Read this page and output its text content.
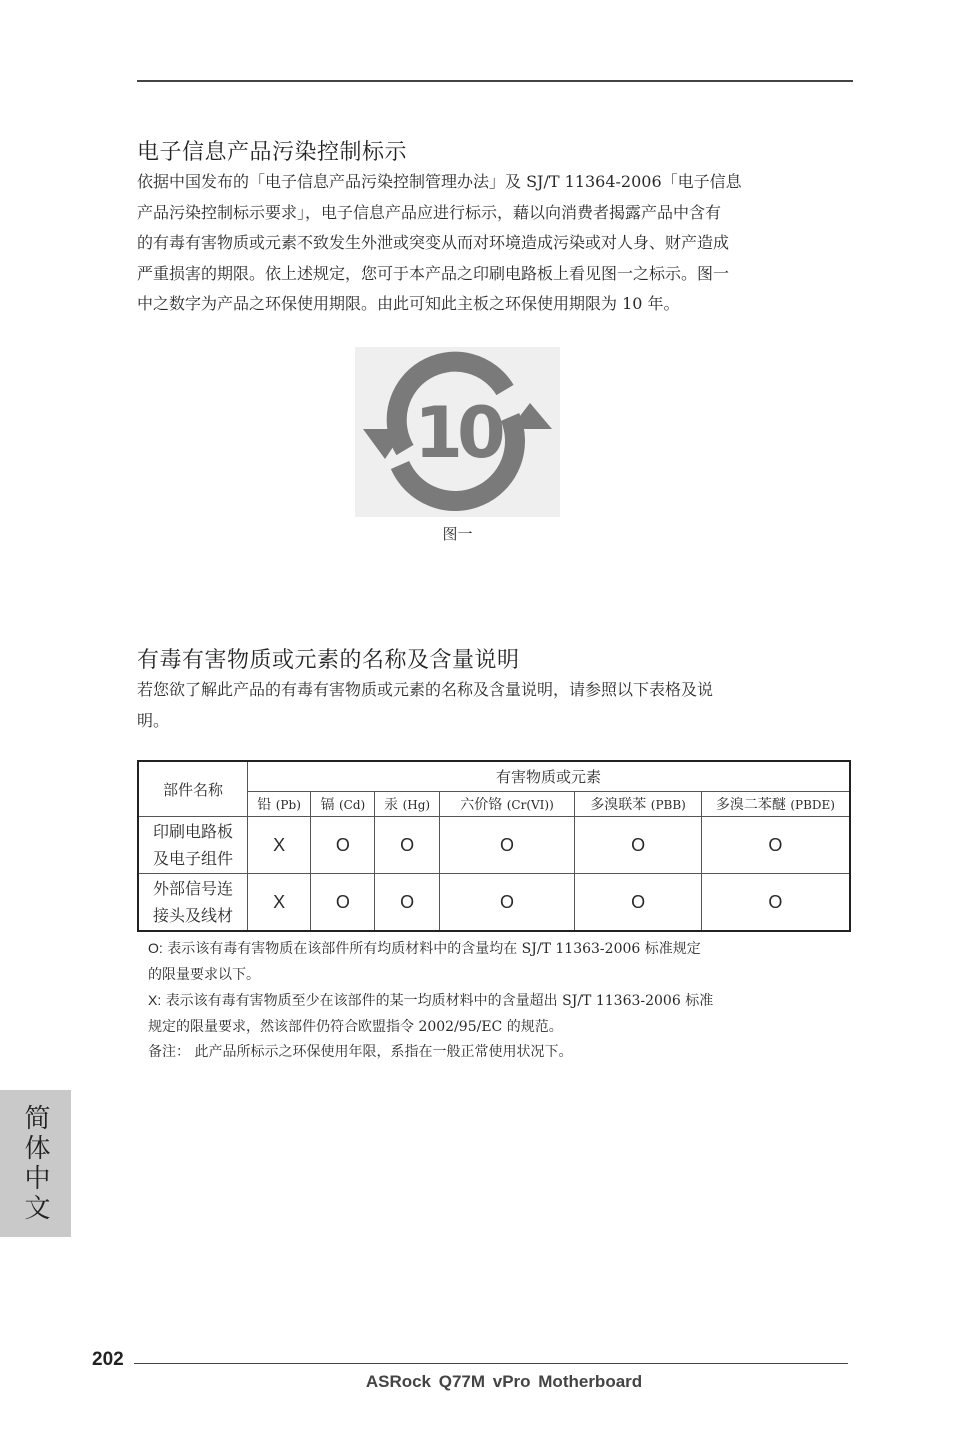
电子信息产品污染控制标示

依据中国发布的「电子信息产品污染控制管理办法」及 SJ/T 11364-2006「电子信息
产品污染控制标示要求」，电子信息产品应进行标示，藉以向消费者揭露产品中含有
的有毒有害物质或元素不致发生外泄或突变从而对环境造成污染或对人身、财产造成
严重损害的期限。依上述规定，您可于本产品之印刷电路板上看见图一之标示。图一
中之数字为产品之环保使用期限。由此可知此主板之环保使用期限为 10 年。

10
图一
有毒有害物质或元素的名称及含量说明

若您欲了解此产品的有毒有害物质或元素的名称及含量说明，请参照以下表格及说
明。

部件名称	有害物质或元素					
	铅 (Pb)	镉 (Cd)	汞 (Hg)	六价铬 (Cr(VI))	多溴联苯 (PBB)	多溴二苯醚 (PBDE)
印刷电路板
及电子组件	X	O	O	O	O	O
外部信号连
接头及线材	X	O	O	O	O	O
O: 表示该有毒有害物质在该部件所有均质材料中的含量均在 SJ/T 11363-2006 标准规定
的限量要求以下。
X: 表示该有毒有害物质至少在该部件的某一均质材料中的含量超出 SJ/T 11363-2006 标准
规定的限量要求，然该部件仍符合欧盟指令 2002/95/EC 的规范。
备注： 此产品所标示之环保使用年限，系指在一般正常使用状况下。
简体中文
202
ASRock Q77M vPro Motherboard
